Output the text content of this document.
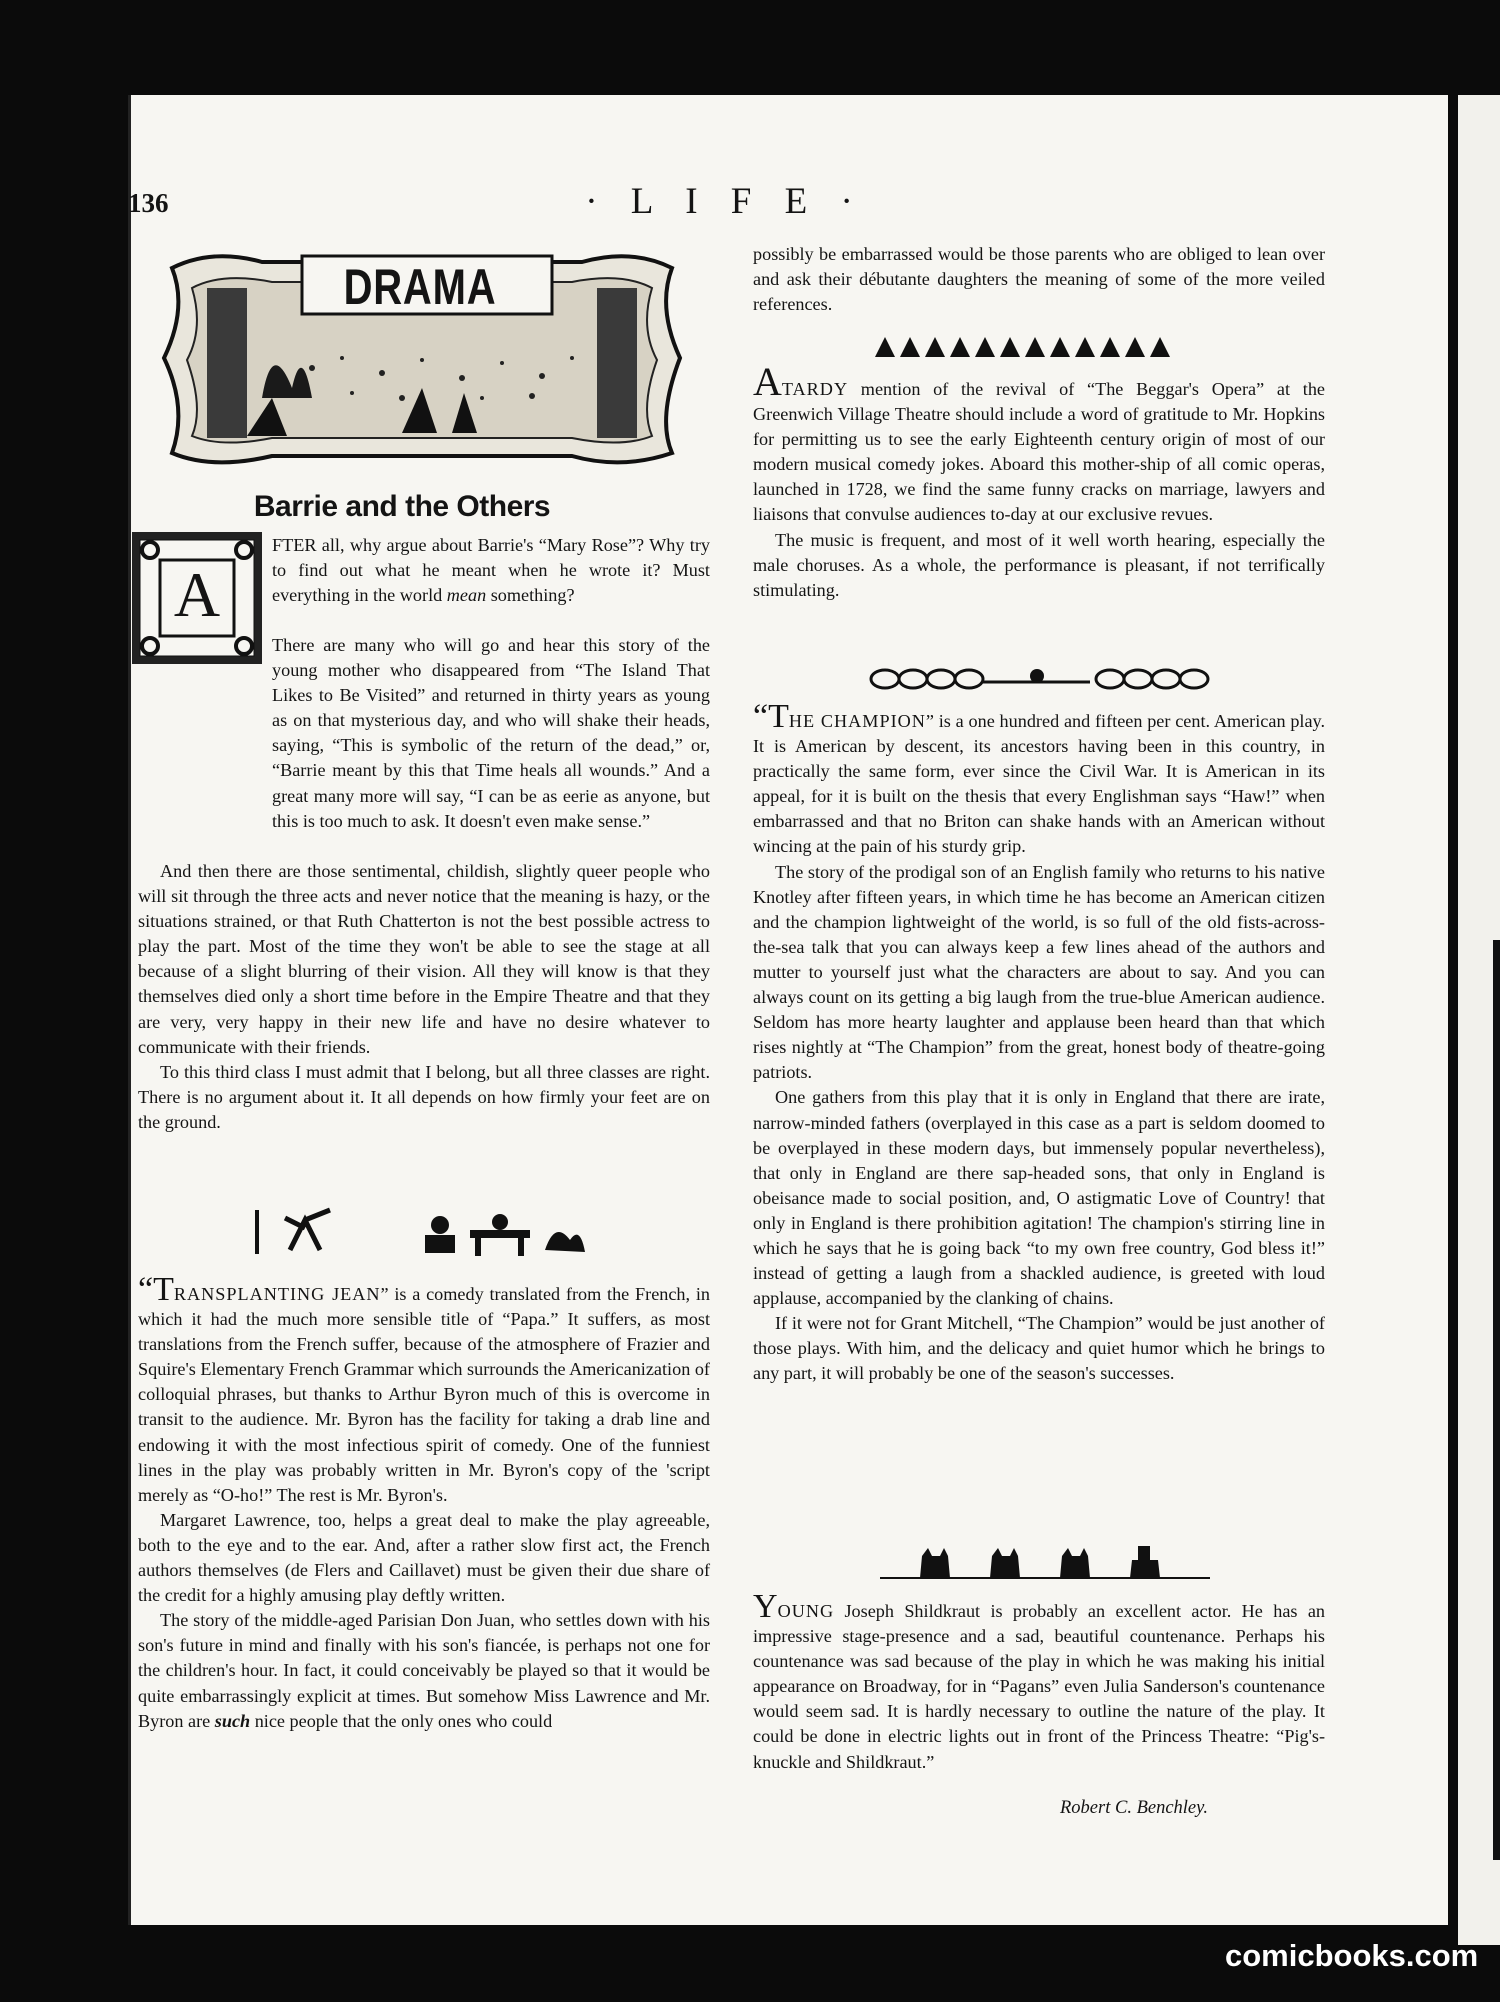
136	· L I F E ·
DRAMA
Barrie and the Others
A

FTER all, why argue about Barrie's “Mary Rose”? Why try to find out what he meant when he wrote it? Must everything in the world mean something?

There are many who will go and hear this story of the young mother who disappeared from “The Island That Likes to Be Visited” and returned in thirty years as young as on that mysterious day, and who will shake their heads, saying, “This is symbolic of the return of the dead,” or, “Barrie meant by this that Time heals all wounds.” And a great many more will say, “I can be as eerie as anyone, but this is too much to ask. It doesn't even make sense.”

And then there are those sentimental, childish, slightly queer people who will sit through the three acts and never notice that the meaning is hazy, or the situations strained, or that Ruth Chatterton is not the best possible actress to play the part. Most of the time they won't be able to see the stage at all because of a slight blurring of their vision. All they will know is that they themselves died only a short time before in the Empire Theatre and that they are very, very happy in their new life and have no desire whatever to communicate with their friends.

To this third class I must admit that I belong, but all three classes are right. There is no argument about it. It all depends on how firmly your feet are on the ground.

“TRANSPLANTING JEAN” is a comedy translated from the French, in which it had the much more sensible title of “Papa.” It suffers, as most translations from the French suffer, because of the atmosphere of Frazier and Squire's Elementary French Grammar which surrounds the Americanization of colloquial phrases, but thanks to Arthur Byron much of this is overcome in transit to the audience. Mr. Byron has the facility for taking a drab line and endowing it with the most infectious spirit of comedy. One of the funniest lines in the play was probably written in Mr. Byron's copy of the 'script merely as “O-ho!” The rest is Mr. Byron's.

Margaret Lawrence, too, helps a great deal to make the play agreeable, both to the eye and to the ear. And, after a rather slow first act, the French authors themselves (de Flers and Caillavet) must be given their due share of the credit for a highly amusing play deftly written.

The story of the middle-aged Parisian Don Juan, who settles down with his son's future in mind and finally with his son's fiancée, is perhaps not one for the children's hour. In fact, it could conceivably be played so that it would be quite embarrassingly explicit at times. But somehow Miss Lawrence and Mr. Byron are such nice people that the only ones who could

possibly be embarrassed would be those parents who are obliged to lean over and ask their débutante daughters the meaning of some of the more veiled references.

ATARDY mention of the revival of “The Beggar's Opera” at the Greenwich Village Theatre should include a word of gratitude to Mr. Hopkins for permitting us to see the early Eighteenth century origin of most of our modern musical comedy jokes. Aboard this mother-ship of all comic operas, launched in 1728, we find the same funny cracks on marriage, lawyers and liaisons that convulse audiences to-day at our exclusive revues.

The music is frequent, and most of it well worth hearing, especially the male choruses. As a whole, the performance is pleasant, if not terrifically stimulating.

“THE CHAMPION” is a one hundred and fifteen per cent. American play. It is American by descent, its ancestors having been in this country, in practically the same form, ever since the Civil War. It is American in its appeal, for it is built on the thesis that every Englishman says “Haw!” when embarrassed and that no Briton can shake hands with an American without wincing at the pain of his sturdy grip.

The story of the prodigal son of an English family who returns to his native Knotley after fifteen years, in which time he has become an American citizen and the champion lightweight of the world, is so full of the old fists-across-the-sea talk that you can always keep a few lines ahead of the authors and mutter to yourself just what the characters are about to say. And you can always count on its getting a big laugh from the true-blue American audience. Seldom has more hearty laughter and applause been heard than that which rises nightly at “The Champion” from the great, honest body of theatre-going patriots.

One gathers from this play that it is only in England that there are irate, narrow-minded fathers (overplayed in this case as a part is seldom doomed to be overplayed in these modern days, but immensely popular nevertheless), that only in England are there sap-headed sons, that only in England is obeisance made to social position, and, O astigmatic Love of Country! that only in England is there prohibition agitation! The champion's stirring line in which he says that he is going back “to my own free country, God bless it!” instead of getting a laugh from a shackled audience, is greeted with loud applause, accompanied by the clanking of chains.

If it were not for Grant Mitchell, “The Champion” would be just another of those plays. With him, and the delicacy and quiet humor which he brings to any part, it will probably be one of the season's successes.

YOUNG Joseph Shildkraut is probably an excellent actor. He has an impressive stage-presence and a sad, beautiful countenance. Perhaps his countenance was sad because of the play in which he was making his initial appearance on Broadway, for in “Pagans” even Julia Sanderson's countenance would seem sad. It is hardly necessary to outline the nature of the play. It could be done in electric lights out in front of the Princess Theatre: “Pig's-knuckle and Shildkraut.”

Robert C. Benchley.
comicbooks.com
